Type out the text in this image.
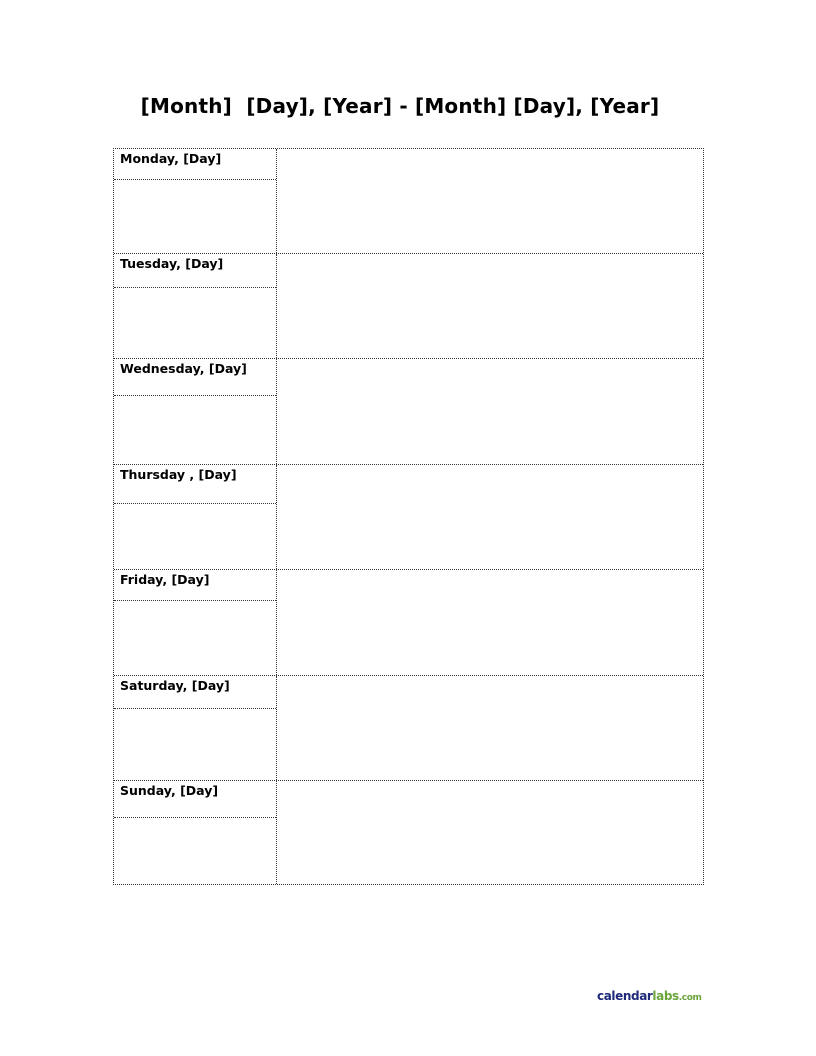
[Month]  [Day], [Year] - [Month] [Day], [Year]
Monday, [Day]
Tuesday, [Day]
Wednesday, [Day]
Thursday , [Day]
Friday, [Day]
Saturday, [Day]
Sunday, [Day]
calendarlabs.com
